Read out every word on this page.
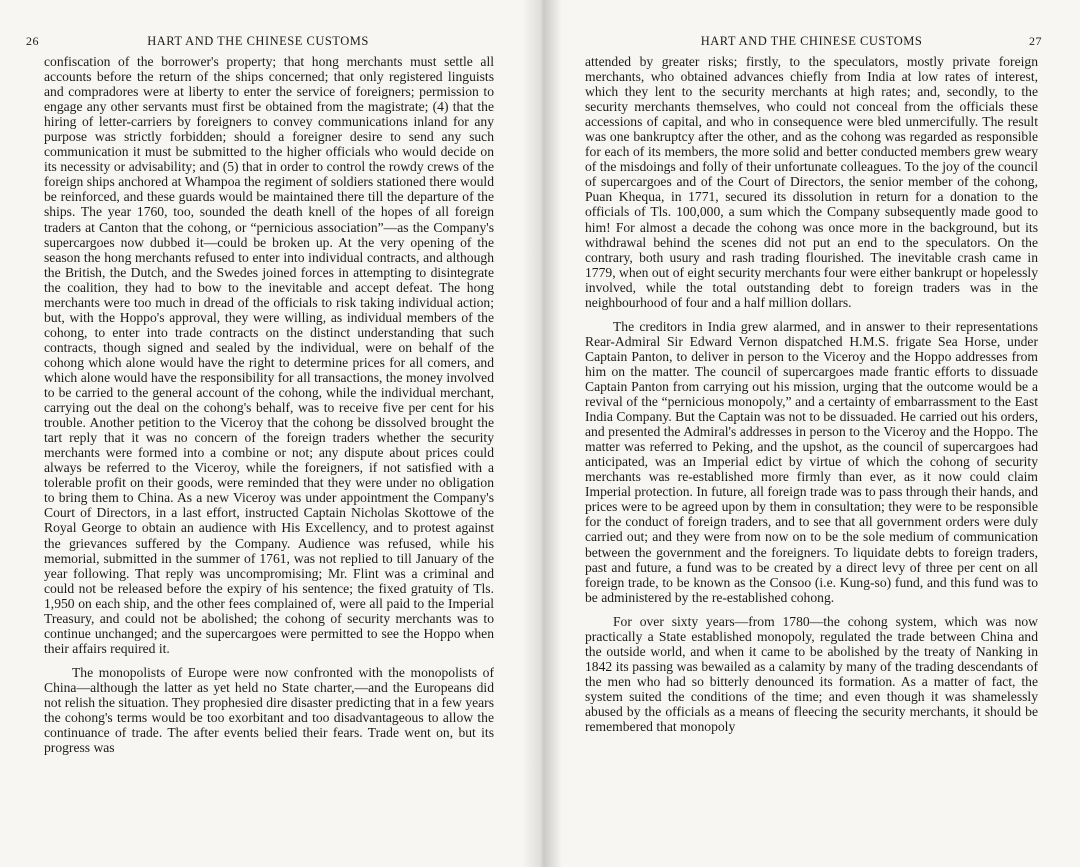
26	HART AND THE CHINESE CUSTOMS

confiscation of the borrower's property; that hong merchants must settle all accounts before the return of the ships concerned; that only registered linguists and compradores were at liberty to enter the service of foreigners; permission to engage any other servants must first be obtained from the magistrate; (4) that the hiring of letter-carriers by foreigners to convey communications inland for any purpose was strictly forbidden; should a foreigner desire to send any such communication it must be submitted to the higher officials who would decide on its necessity or advisability; and (5) that in order to control the rowdy crews of the foreign ships anchored at Whampoa the regiment of soldiers stationed there would be reinforced, and these guards would be maintained there till the departure of the ships. The year 1760, too, sounded the death knell of the hopes of all foreign traders at Canton that the cohong, or “pernicious association”—as the Company's supercargoes now dubbed it—could be broken up. At the very opening of the season the hong merchants refused to enter into individual contracts, and although the British, the Dutch, and the Swedes joined forces in attempting to disintegrate the coalition, they had to bow to the inevitable and accept defeat. The hong merchants were too much in dread of the officials to risk taking individual action; but, with the Hoppo's approval, they were willing, as individual members of the cohong, to enter into trade contracts on the distinct understanding that such contracts, though signed and sealed by the individual, were on behalf of the cohong which alone would have the right to determine prices for all comers, and which alone would have the responsibility for all transactions, the money involved to be carried to the general account of the cohong, while the individual merchant, carrying out the deal on the cohong's behalf, was to receive five per cent for his trouble. Another petition to the Viceroy that the cohong be dissolved brought the tart reply that it was no concern of the foreign traders whether the security merchants were formed into a combine or not; any dispute about prices could always be referred to the Viceroy, while the foreigners, if not satisfied with a tolerable profit on their goods, were reminded that they were under no obligation to bring them to China. As a new Viceroy was under appointment the Company's Court of Directors, in a last effort, instructed Captain Nicholas Skottowe of the Royal George to obtain an audience with His Excellency, and to protest against the grievances suffered by the Company. Audience was refused, while his memorial, submitted in the summer of 1761, was not replied to till January of the year following. That reply was uncompromising; Mr. Flint was a criminal and could not be released before the expiry of his sentence; the fixed gratuity of Tls. 1,950 on each ship, and the other fees complained of, were all paid to the Imperial Treasury, and could not be abolished; the cohong of security merchants was to continue unchanged; and the supercargoes were permitted to see the Hoppo when their affairs required it.

The monopolists of Europe were now confronted with the monopolists of China—although the latter as yet held no State charter,—and the Europeans did not relish the situation. They prophesied dire disaster predicting that in a few years the cohong's terms would be too exorbitant and too disadvantageous to allow the continuance of trade. The after events belied their fears. Trade went on, but its progress was

HART AND THE CHINESE CUSTOMS	27

attended by greater risks; firstly, to the speculators, mostly private foreign merchants, who obtained advances chiefly from India at low rates of interest, which they lent to the security merchants at high rates; and, secondly, to the security merchants themselves, who could not conceal from the officials these accessions of capital, and who in consequence were bled unmercifully. The result was one bankruptcy after the other, and as the cohong was regarded as responsible for each of its members, the more solid and better conducted members grew weary of the misdoings and folly of their unfortunate colleagues. To the joy of the council of supercargoes and of the Court of Directors, the senior member of the cohong, Puan Khequa, in 1771, secured its dissolution in return for a donation to the officials of Tls. 100,000, a sum which the Company subsequently made good to him! For almost a decade the cohong was once more in the background, but its withdrawal behind the scenes did not put an end to the speculators. On the contrary, both usury and rash trading flourished. The inevitable crash came in 1779, when out of eight security merchants four were either bankrupt or hopelessly involved, while the total outstanding debt to foreign traders was in the neighbourhood of four and a half million dollars.

The creditors in India grew alarmed, and in answer to their representations Rear-Admiral Sir Edward Vernon dispatched H.M.S. frigate Sea Horse, under Captain Panton, to deliver in person to the Viceroy and the Hoppo addresses from him on the matter. The council of supercargoes made frantic efforts to dissuade Captain Panton from carrying out his mission, urging that the outcome would be a revival of the “pernicious monopoly,” and a certainty of embarrassment to the East India Company. But the Captain was not to be dissuaded. He carried out his orders, and presented the Admiral's addresses in person to the Viceroy and the Hoppo. The matter was referred to Peking, and the upshot, as the council of supercargoes had anticipated, was an Imperial edict by virtue of which the cohong of security merchants was re-established more firmly than ever, as it now could claim Imperial protection. In future, all foreign trade was to pass through their hands, and prices were to be agreed upon by them in consultation; they were to be responsible for the conduct of foreign traders, and to see that all government orders were duly carried out; and they were from now on to be the sole medium of communication between the government and the foreigners. To liquidate debts to foreign traders, past and future, a fund was to be created by a direct levy of three per cent on all foreign trade, to be known as the Consoo (i.e. Kung-so) fund, and this fund was to be administered by the re-established cohong.

For over sixty years—from 1780—the cohong system, which was now practically a State established monopoly, regulated the trade between China and the outside world, and when it came to be abolished by the treaty of Nanking in 1842 its passing was bewailed as a calamity by many of the trading descendants of the men who had so bitterly denounced its formation. As a matter of fact, the system suited the conditions of the time; and even though it was shamelessly abused by the officials as a means of fleecing the security merchants, it should be remembered that monopoly
